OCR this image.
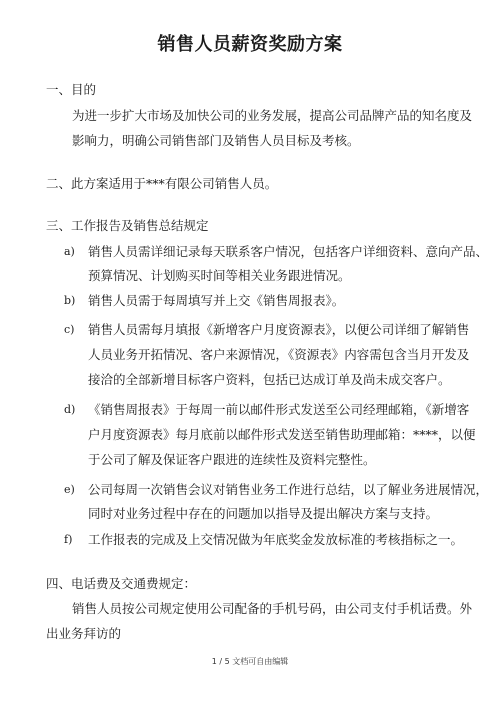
销售人员薪资奖励方案
一、目的
为进一步扩大市场及加快公司的业务发展，提高公司品牌产品的知名度及
影响力，明确公司销售部门及销售人员目标及考核。
二、此方案适用于***有限公司销售人员。
三、工作报告及销售总结规定
a) 销售人员需详细记录每天联系客户情况，包括客户详细资料、意向产品、
预算情况、计划购买时间等相关业务跟进情况。
b) 销售人员需于每周填写并上交《销售周报表》。
c) 销售人员需每月填报《新增客户月度资源表》，以便公司详细了解销售
人员业务开拓情况、客户来源情况，《资源表》内容需包含当月开发及
接洽的全部新增目标客户资料，包括已达成订单及尚未成交客户。
d) 《销售周报表》于每周一前以邮件形式发送至公司经理邮箱，《新增客
户月度资源表》每月底前以邮件形式发送至销售助理邮箱：****，以便
于公司了解及保证客户跟进的连续性及资料完整性。
e) 公司每周一次销售会议对销售业务工作进行总结，以了解业务进展情况，
同时对业务过程中存在的问题加以指导及提出解决方案与支持。
f) 工作报表的完成及上交情况做为年底奖金发放标准的考核指标之一。
四、电话费及交通费规定：
销售人员按公司规定使用公司配备的手机号码，由公司支付手机话费。外
出业务拜访的
1 / 5 文档可自由编辑
